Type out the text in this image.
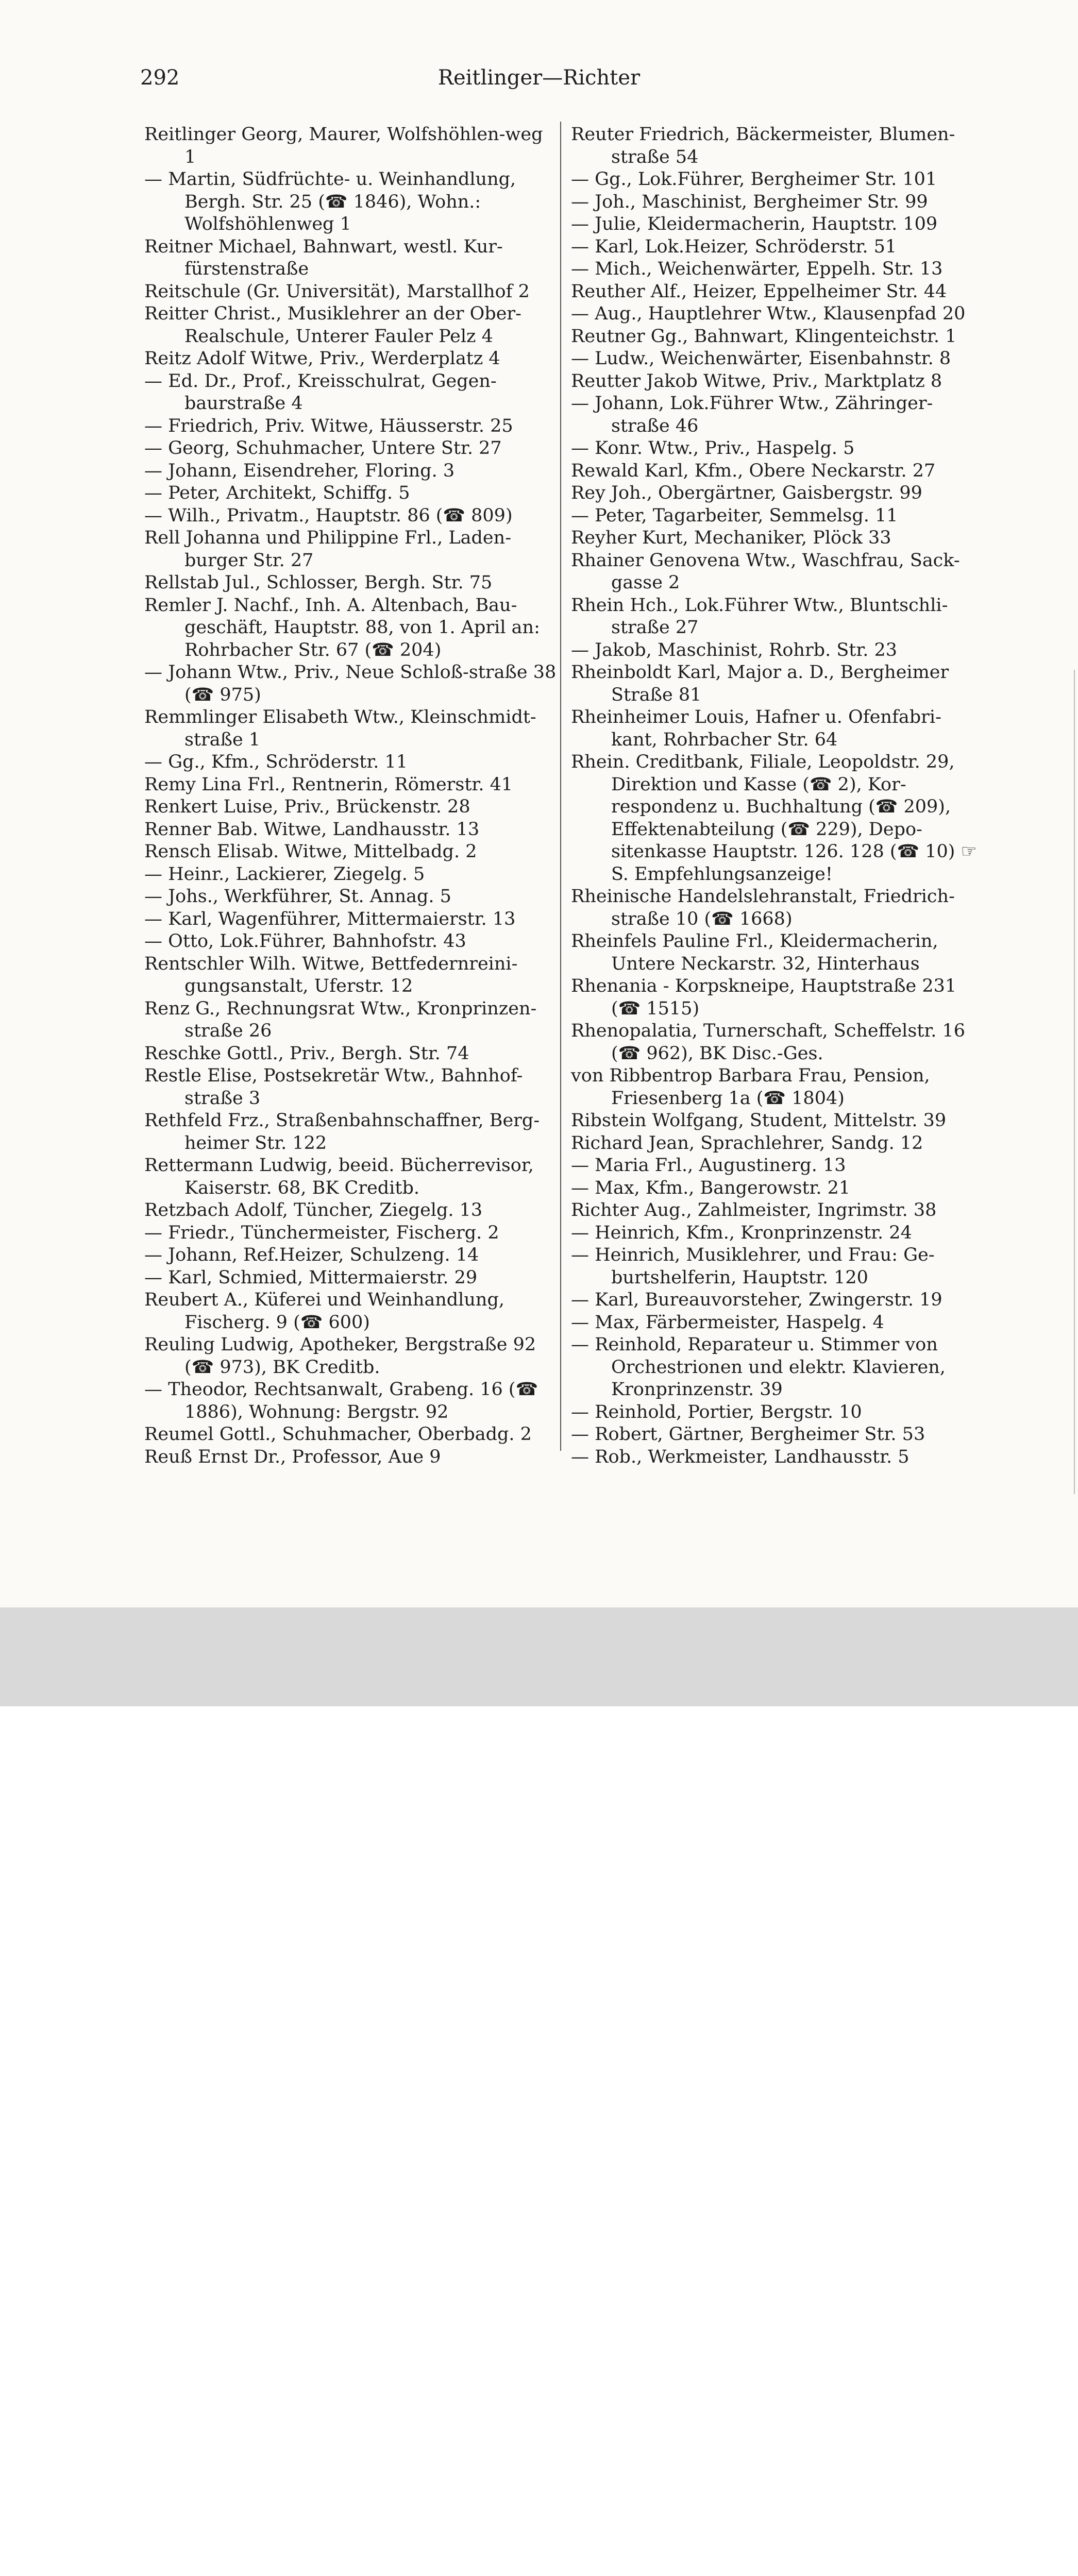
292	Reitlinger—Richter
Reitlinger Georg, Maurer, Wolfshöhlen-weg 1
— Martin, Südfrüchte- u. Weinhandlung, Bergh. Str. 25 (☎ 1846), Wohn.: Wolfshöhlenweg 1
Reitner Michael, Bahnwart, westl. Kur-fürstenstraße
Reitschule (Gr. Universität), Marstallhof 2
Reitter Christ., Musiklehrer an der Ober-Realschule, Unterer Fauler Pelz 4
Reitz Adolf Witwe, Priv., Werderplatz 4
— Ed. Dr., Prof., Kreisschulrat, Gegen-baurstraße 4
— Friedrich, Priv. Witwe, Häusserstr. 25
— Georg, Schuhmacher, Untere Str. 27
— Johann, Eisendreher, Floring. 3
— Peter, Architekt, Schiffg. 5
— Wilh., Privatm., Hauptstr. 86 (☎ 809)
Rell Johanna und Philippine Frl., Laden-burger Str. 27
Rellstab Jul., Schlosser, Bergh. Str. 75
Remler J. Nachf., Inh. A. Altenbach, Bau-geschäft, Hauptstr. 88, von 1. April an: Rohrbacher Str. 67 (☎ 204)
— Johann Wtw., Priv., Neue Schloß-straße 38 (☎ 975)
Remmlinger Elisabeth Wtw., Kleinschmidt-straße 1
— Gg., Kfm., Schröderstr. 11
Remy Lina Frl., Rentnerin, Römerstr. 41
Renkert Luise, Priv., Brückenstr. 28
Renner Bab. Witwe, Landhausstr. 13
Rensch Elisab. Witwe, Mittelbadg. 2
— Heinr., Lackierer, Ziegelg. 5
— Johs., Werkführer, St. Annag. 5
— Karl, Wagenführer, Mittermaierstr. 13
— Otto, Lok.Führer, Bahnhofstr. 43
Rentschler Wilh. Witwe, Bettfedernreini-gungsanstalt, Uferstr. 12
Renz G., Rechnungsrat Wtw., Kronprinzen-straße 26
Reschke Gottl., Priv., Bergh. Str. 74
Restle Elise, Postsekretär Wtw., Bahnhof-straße 3
Rethfeld Frz., Straßenbahnschaffner, Berg-heimer Str. 122
Rettermann Ludwig, beeid. Bücherrevisor, Kaiserstr. 68, BK Creditb.
Retzbach Adolf, Tüncher, Ziegelg. 13
— Friedr., Tünchermeister, Fischerg. 2
— Johann, Ref.Heizer, Schulzeng. 14
— Karl, Schmied, Mittermaierstr. 29
Reubert A., Küferei und Weinhandlung, Fischerg. 9 (☎ 600)
Reuling Ludwig, Apotheker, Bergstraße 92 (☎ 973), BK Creditb.
— Theodor, Rechtsanwalt, Grabeng. 16 (☎ 1886), Wohnung: Bergstr. 92
Reumel Gottl., Schuhmacher, Oberbadg. 2
Reuß Ernst Dr., Professor, Aue 9
Reuter Friedrich, Bäckermeister, Blumen-straße 54
— Gg., Lok.Führer, Bergheimer Str. 101
— Joh., Maschinist, Bergheimer Str. 99
— Julie, Kleidermacherin, Hauptstr. 109
— Karl, Lok.Heizer, Schröderstr. 51
— Mich., Weichenwärter, Eppelh. Str. 13
Reuther Alf., Heizer, Eppelheimer Str. 44
— Aug., Hauptlehrer Wtw., Klausenpfad 20
Reutner Gg., Bahnwart, Klingenteichstr. 1
— Ludw., Weichenwärter, Eisenbahnstr. 8
Reutter Jakob Witwe, Priv., Marktplatz 8
— Johann, Lok.Führer Wtw., Zähringer-straße 46
— Konr. Wtw., Priv., Haspelg. 5
Rewald Karl, Kfm., Obere Neckarstr. 27
Rey Joh., Obergärtner, Gaisbergstr. 99
— Peter, Tagarbeiter, Semmelsg. 11
Reyher Kurt, Mechaniker, Plöck 33
Rhainer Genovena Wtw., Waschfrau, Sack-gasse 2
Rhein Hch., Lok.Führer Wtw., Bluntschli-straße 27
— Jakob, Maschinist, Rohrb. Str. 23
Rheinboldt Karl, Major a. D., Bergheimer Straße 81
Rheinheimer Louis, Hafner u. Ofenfabri-kant, Rohrbacher Str. 64
Rhein. Creditbank, Filiale, Leopoldstr. 29, Direktion und Kasse (☎ 2), Kor-respondenz u. Buchhaltung (☎ 209), Effektenabteilung (☎ 229), Depo-sitenkasse Hauptstr. 126. 128 (☎ 10) ☞ S. Empfehlungsanzeige!
Rheinische Handelslehranstalt, Friedrich-straße 10 (☎ 1668)
Rheinfels Pauline Frl., Kleidermacherin, Untere Neckarstr. 32, Hinterhaus
Rhenania - Korpskneipe, Hauptstraße 231 (☎ 1515)
Rhenopalatia, Turnerschaft, Scheffelstr. 16 (☎ 962), BK Disc.-Ges.
von Ribbentrop Barbara Frau, Pension, Friesenberg 1a (☎ 1804)
Ribstein Wolfgang, Student, Mittelstr. 39
Richard Jean, Sprachlehrer, Sandg. 12
— Maria Frl., Augustinerg. 13
— Max, Kfm., Bangerowstr. 21
Richter Aug., Zahlmeister, Ingrimstr. 38
— Heinrich, Kfm., Kronprinzenstr. 24
— Heinrich, Musiklehrer, und Frau: Ge-burtshelferin, Hauptstr. 120
— Karl, Bureauvorsteher, Zwingerstr. 19
— Max, Färbermeister, Haspelg. 4
— Reinhold, Reparateur u. Stimmer von Orchestrionen und elektr. Klavieren, Kronprinzenstr. 39
— Reinhold, Portier, Bergstr. 10
— Robert, Gärtner, Bergheimer Str. 53
— Rob., Werkmeister, Landhausstr. 5
